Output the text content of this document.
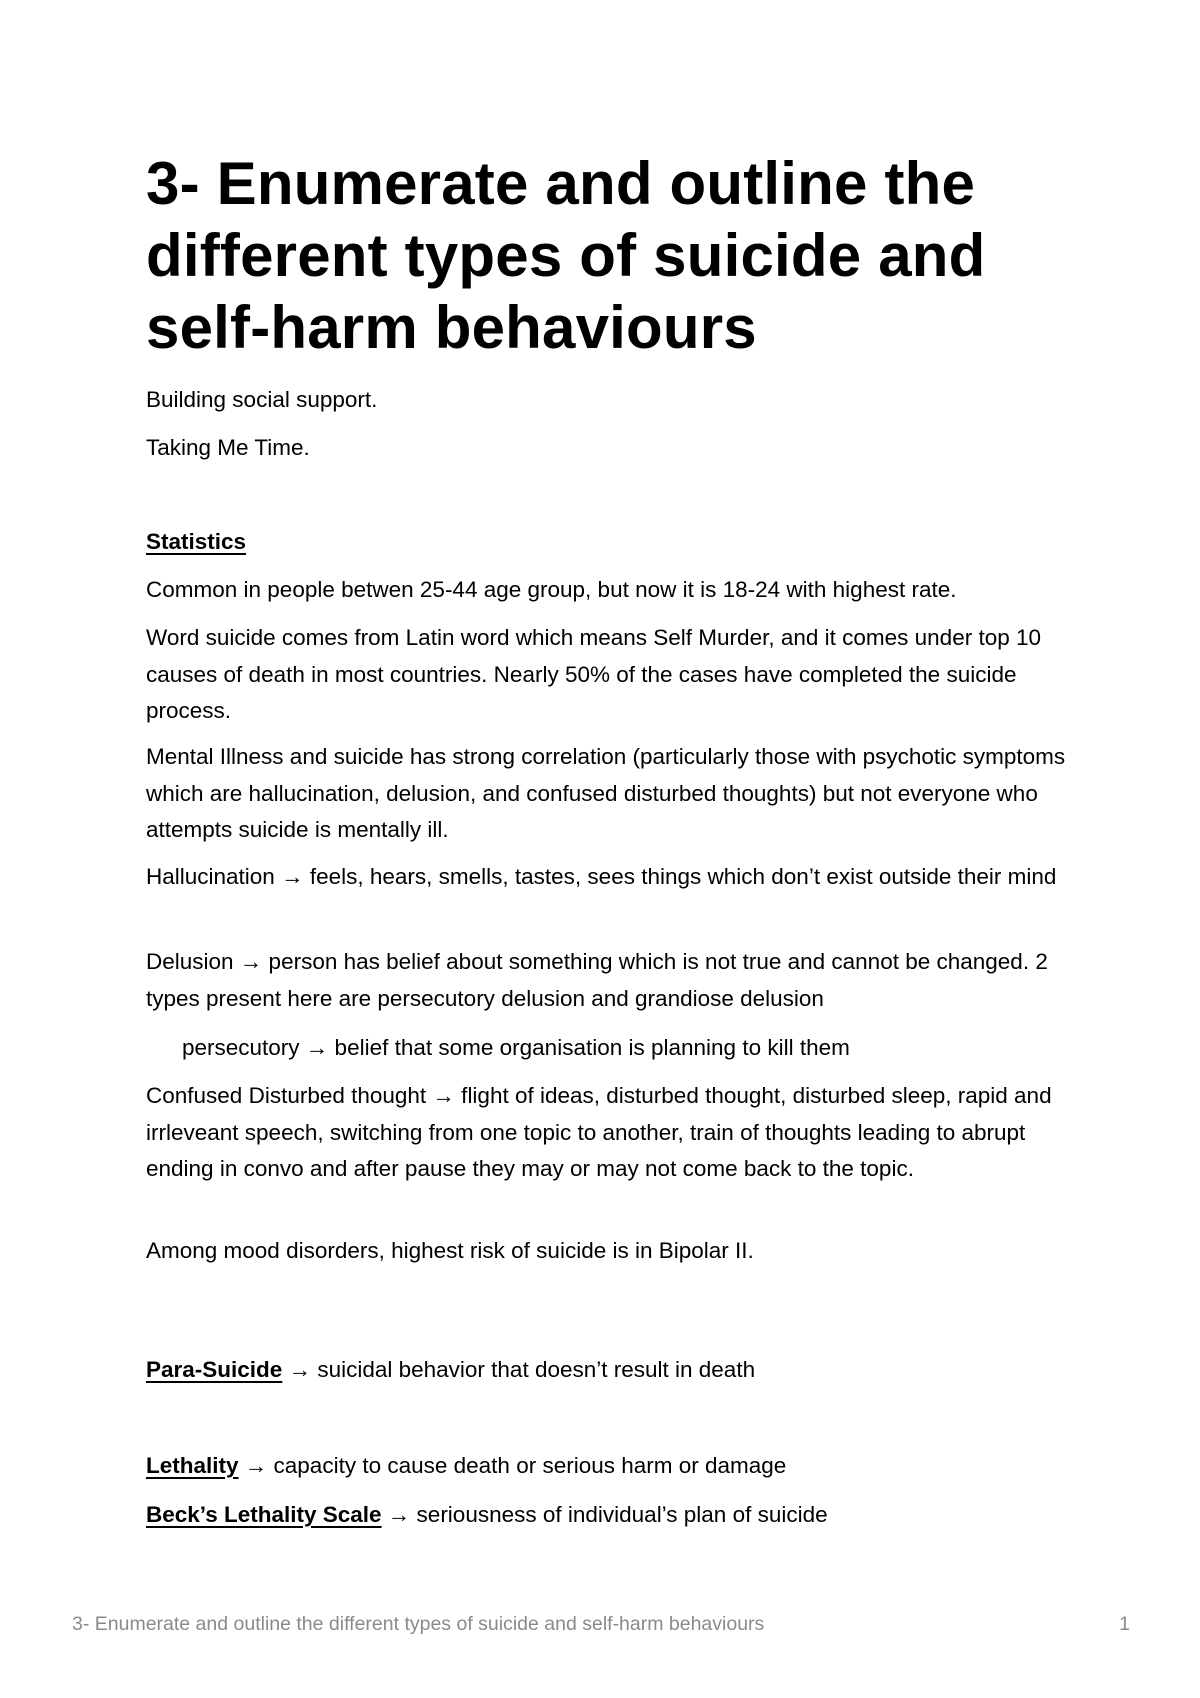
3- Enumerate and outline the different types of suicide and self-harm behaviours

Building social support.

Taking Me Time.

Statistics

Common in people betwen 25-44 age group, but now it is 18-24 with highest rate.

Word suicide comes from Latin word which means Self Murder, and it comes under top 10 causes of death in most countries. Nearly 50% of the cases have completed the suicide process.

Mental Illness and suicide has strong correlation (particularly those with psychotic symptoms which are hallucination, delusion, and confused disturbed thoughts) but not everyone who attempts suicide is mentally ill.

Hallucination → feels, hears, smells, tastes, sees things which don’t exist outside their mind

Delusion → person has belief about something which is not true and cannot be changed. 2 types present here are persecutory delusion and grandiose delusion

persecutory → belief that some organisation is planning to kill them

Confused Disturbed thought → flight of ideas, disturbed thought, disturbed sleep, rapid and irrleveant speech, switching from one topic to another, train of thoughts leading to abrupt ending in convo and after pause they may or may not come back to the topic.

Among mood disorders, highest risk of suicide is in Bipolar II.

Para-Suicide → suicidal behavior that doesn’t result in death

Lethality → capacity to cause death or serious harm or damage

Beck’s Lethality Scale → seriousness of individual’s plan of suicide

3- Enumerate and outline the different types of suicide and self-harm behaviours	1
